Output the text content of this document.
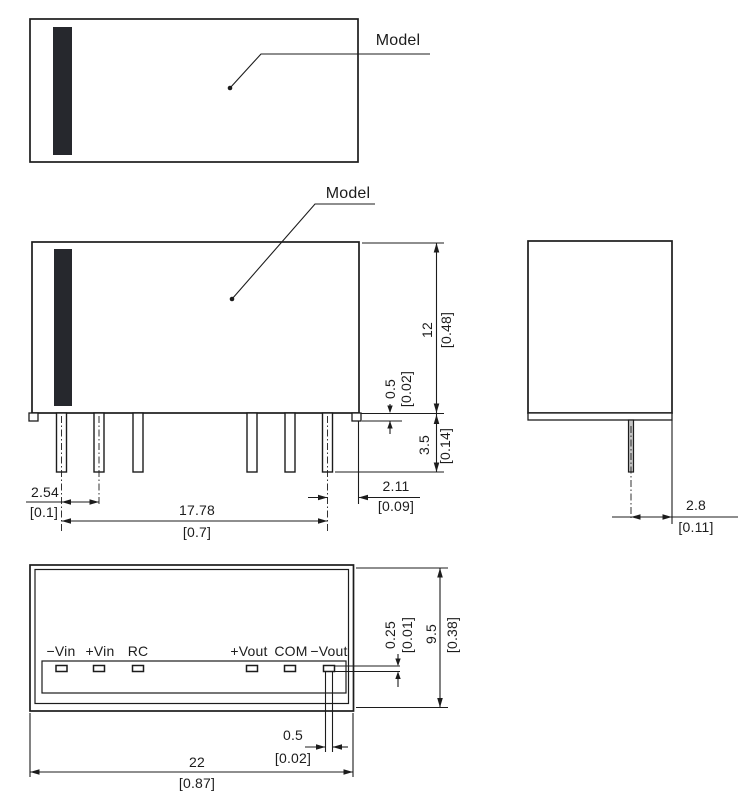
Model
Model
2.54
[0.1]	17.78
[0.7]
2.11
[0.09]
12 [0.48]
0.5 [0.02]
3.5 [0.14]
2.8
[0.11]
0.25 [0.01] 9.5 [0.38]
0.5
[0.02]
22
[0.87]
−Vin +Vin RC	+Vout COM −Vout
